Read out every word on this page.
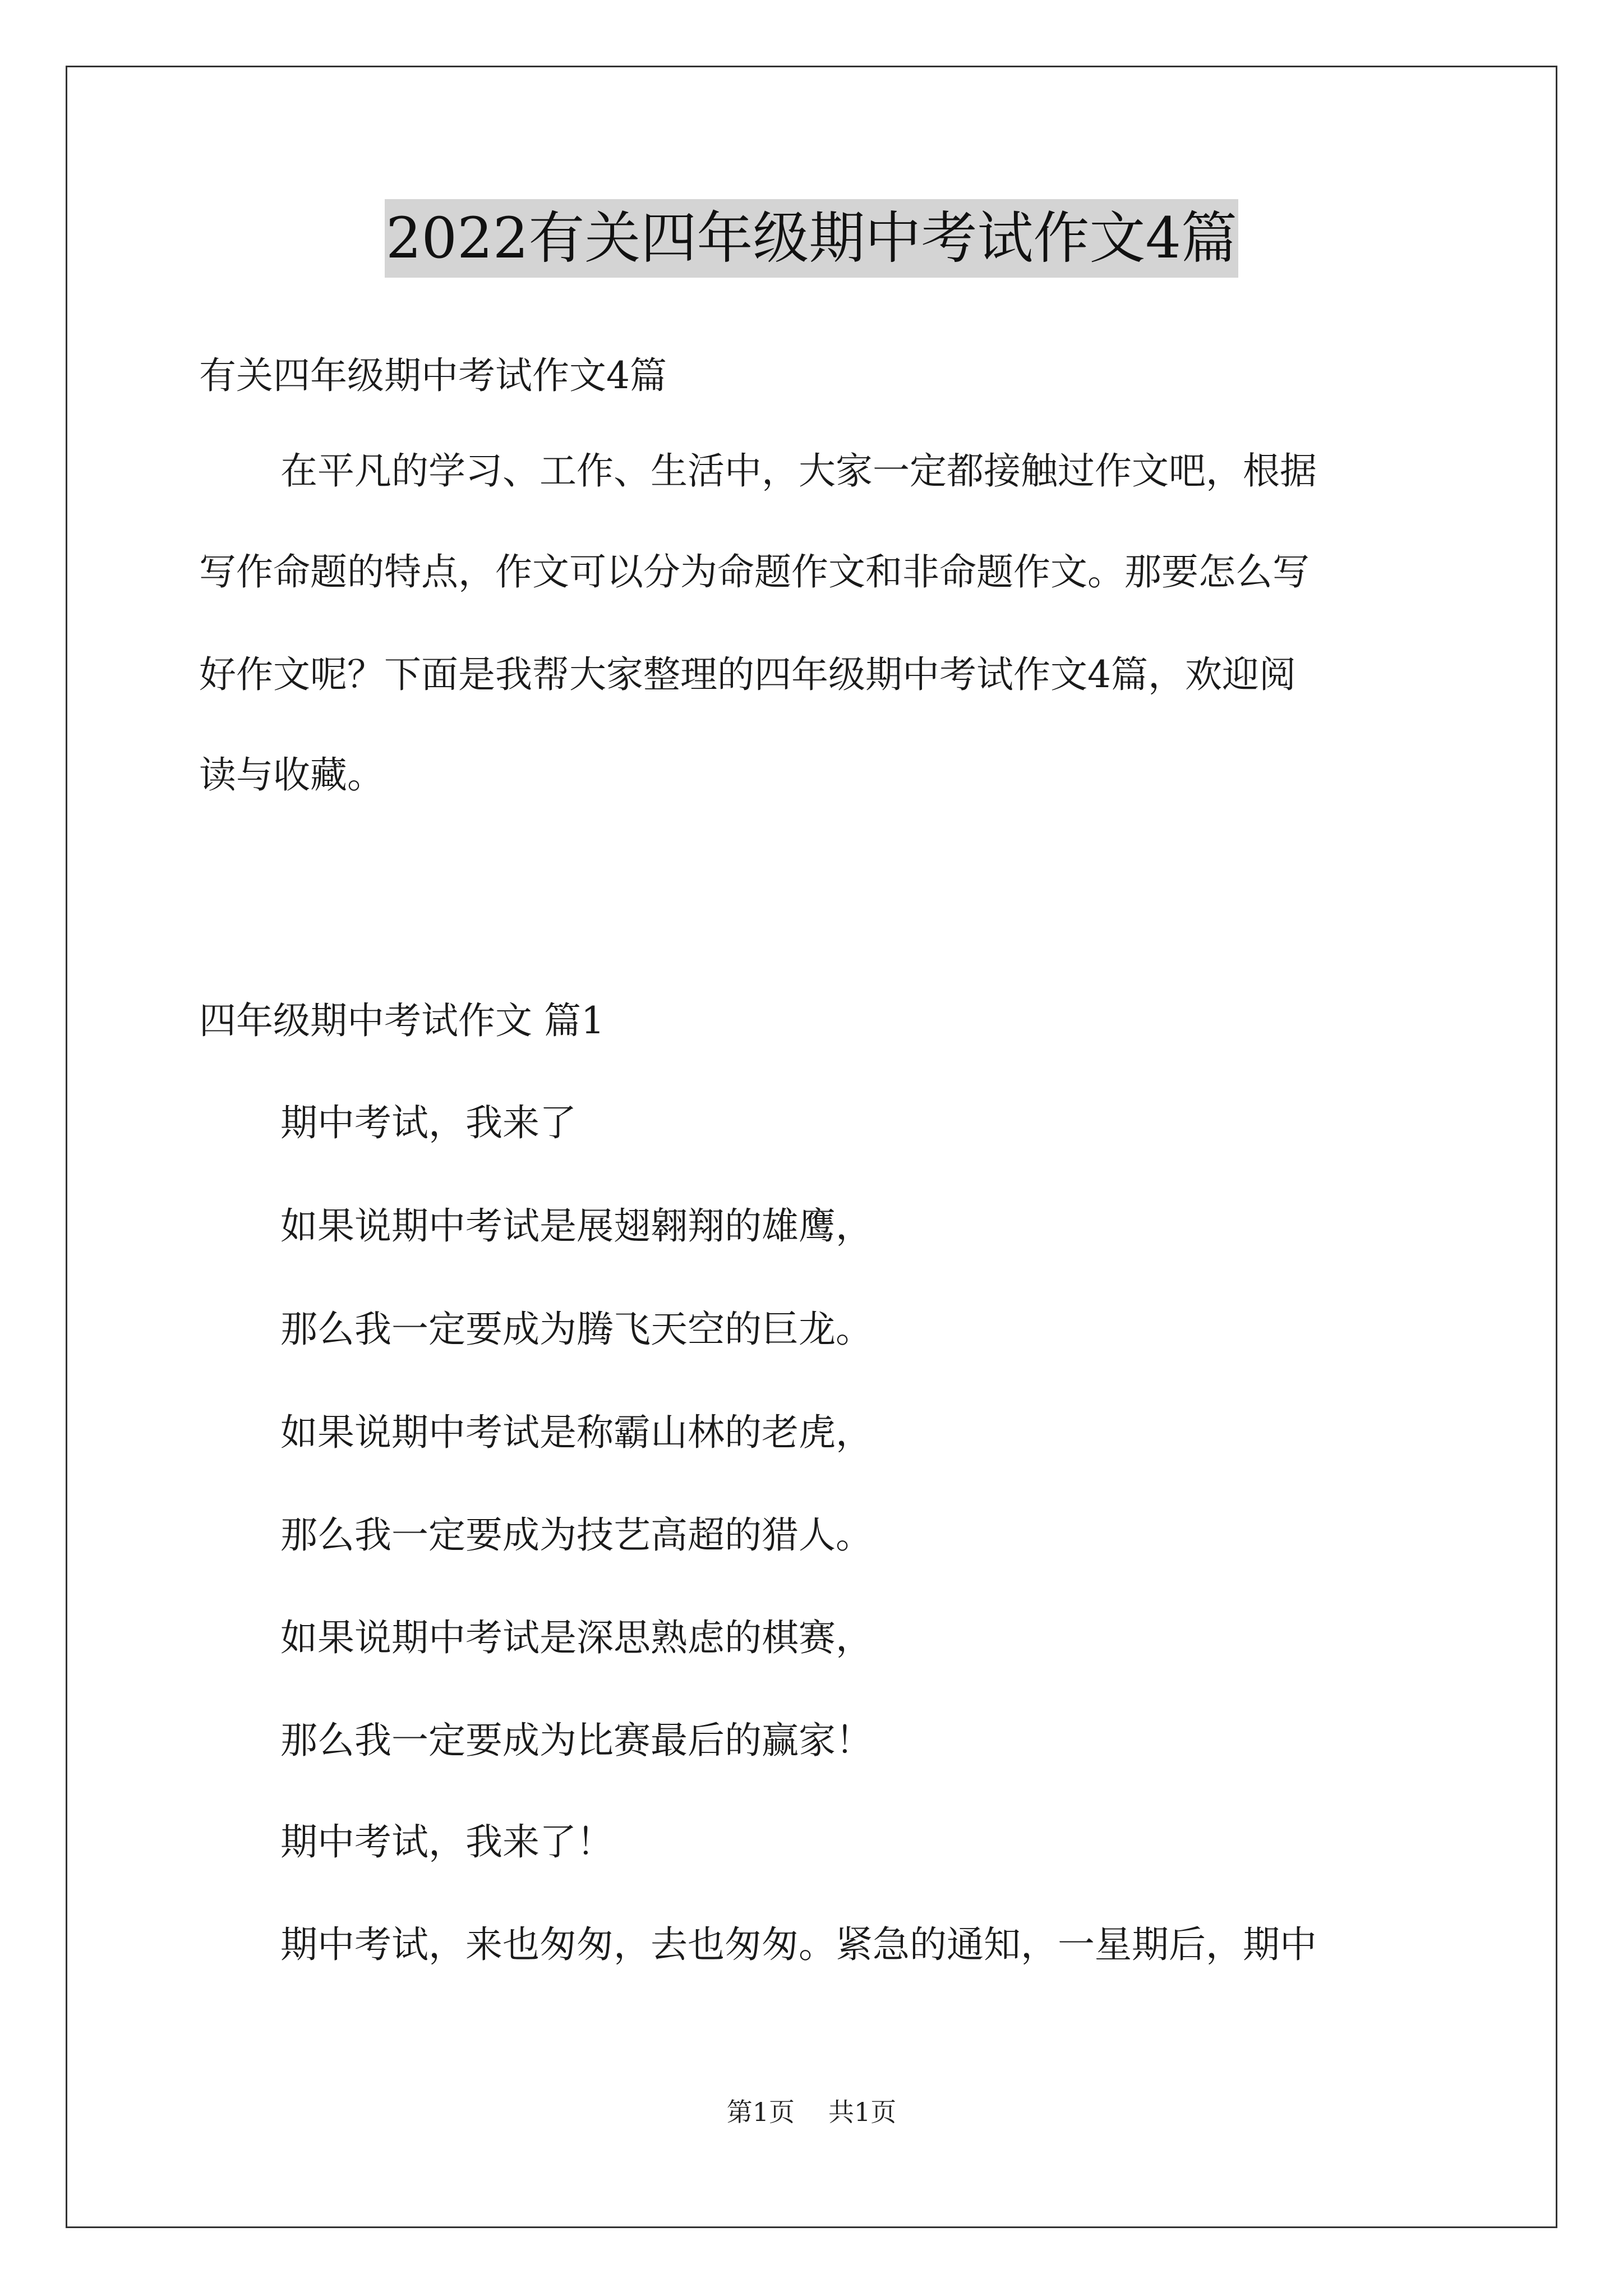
2022有关四年级期中考试作文4篇

有关四年级期中考试作文4篇

在平凡的学习、工作、生活中，大家一定都接触过作文吧，根据

写作命题的特点，作文可以分为命题作文和非命题作文。那要怎么写

好作文呢？下面是我帮大家整理的四年级期中考试作文4篇，欢迎阅

读与收藏。

四年级期中考试作文 篇1

期中考试，我来了

如果说期中考试是展翅翱翔的雄鹰，

那么我一定要成为腾飞天空的巨龙。

如果说期中考试是称霸山林的老虎，

那么我一定要成为技艺高超的猎人。

如果说期中考试是深思熟虑的棋赛，

那么我一定要成为比赛最后的赢家！

期中考试，我来了！

期中考试，来也匆匆，去也匆匆。紧急的通知，一星期后，期中

第1页 共1页
